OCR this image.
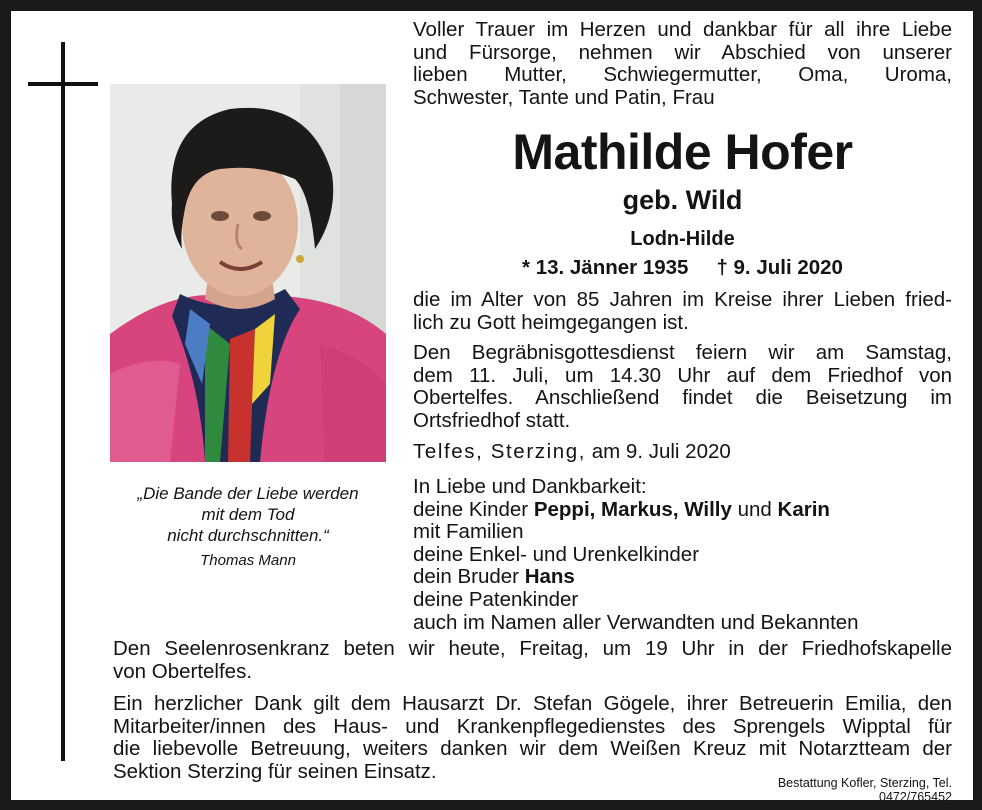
„Die Bande der Liebe werden
mit dem Tod
nicht durchschnitten.“
Thomas Mann
Voller Trauer im Herzen und dankbar für all ihre Liebe
und Fürsorge, nehmen wir Abschied von unserer
lieben Mutter, Schwiegermutter, Oma, Uroma,
Schwester, Tante und Patin, Frau
Mathilde Hofer
geb. Wild
Lodn-Hilde
* 13. Jänner 1935 † 9. Juli 2020
die im Alter von 85 Jahren im Kreise ihrer Lieben fried-
lich zu Gott heimgegangen ist.
Den Begräbnisgottesdienst feiern wir am Samstag,
dem 11. Juli, um 14.30 Uhr auf dem Friedhof von
Obertelfes. Anschließend findet die Beisetzung im
Ortsfriedhof statt.
Telfes, Sterzing, am 9. Juli 2020
In Liebe und Dankbarkeit:
deine Kinder Peppi, Markus, Willy und Karin
mit Familien
deine Enkel- und Urenkelkinder
dein Bruder Hans
deine Patenkinder
auch im Namen aller Verwandten und Bekannten
Den Seelenrosenkranz beten wir heute, Freitag, um 19 Uhr in der Friedhofskapelle
von Obertelfes.
Ein herzlicher Dank gilt dem Hausarzt Dr. Stefan Gögele, ihrer Betreuerin Emilia, den
Mitarbeiter/innen des Haus- und Krankenpflegedienstes des Sprengels Wipptal für
die liebevolle Betreuung, weiters danken wir dem Weißen Kreuz mit Notarztteam der
Sektion Sterzing für seinen Einsatz.
Bestattung Kofler, Sterzing, Tel. 0472/765452
